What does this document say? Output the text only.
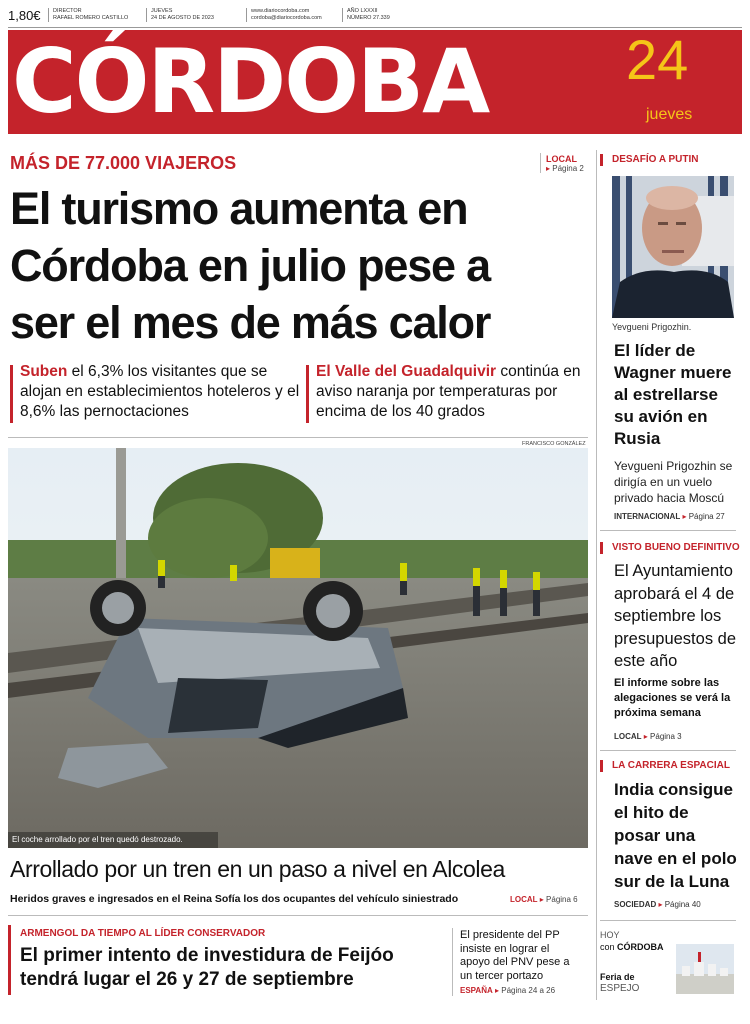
1,80€ DIRECTOR
RAFAEL ROMERO CASTILLO
JUEVES
24 DE AGOSTO DE 2023
www.diariocordoba.com
cordoba@diariocordoba.com
AÑO LXXXII
NÚMERO 27.339
CÓRDOBA 24
jueves
MÁS DE 77.000 VIAJEROS	LOCAL
▸ Página 2
El turismo aumenta en
Córdoba en julio pese a
ser el mes de más calor
Suben el 6,3% los visitantes que se alojan en establecimientos hoteleros y el 8,6% las pernoctaciones
El Valle del Guadalquivir continúa en aviso naranja por temperaturas por encima de los 40 grados
FRANCISCO GONZÁLEZ
El coche arrollado por el tren quedó destrozado.
Arrollado por un tren en un paso a nivel en Alcolea
Heridos graves e ingresados en el Reina Sofía los dos ocupantes del vehículo siniestrado	LOCAL ▸ Página 6
ARMENGOL DA TIEMPO AL LÍDER CONSERVADOR
El primer intento de investidura de Feijóo
tendrá lugar el 26 y 27 de septiembre
El presidente del PP insiste en lograr el apoyo del PNV pese a un tercer portazo
ESPAÑA ▸ Página 24 a 26
DESAFÍO A PUTIN
Yevgueni Prigozhin.
El líder de Wagner muere al estrellarse su avión en Rusia
Yevgueni Prigozhin se dirigía en un vuelo privado hacia Moscú
INTERNACIONAL ▸ Página 27
VISTO BUENO DEFINITIVO
El Ayuntamiento aprobará el 4 de septiembre los presupuestos de este año
El informe sobre las alegaciones se verá la próxima semana
LOCAL ▸ Página 3
LA CARRERA ESPACIAL
India consigue el hito de posar una nave en el polo sur de la Luna
SOCIEDAD ▸ Página 40
HOY
con CÓRDOBA
Feria de
ESPEJO
